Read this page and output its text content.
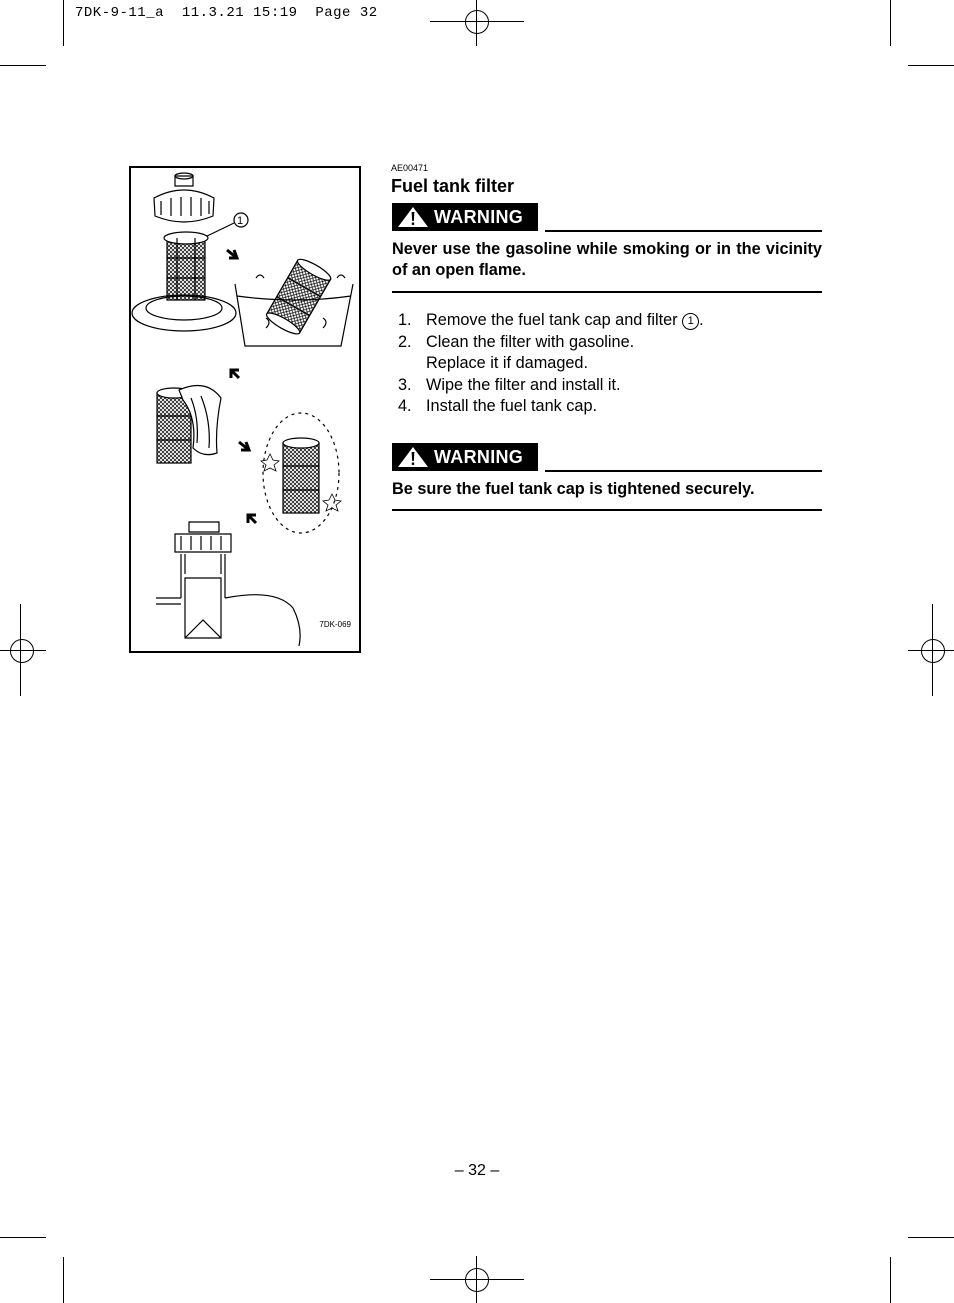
7DK-9-11_a  11.3.21 15:19  Page 32
1
7DK-069
AE00471
Fuel tank filter
WARNING
Never use the gasoline while smoking or in the vicinity of an open flame.
1. Remove the fuel tank cap and filter 1 .
2. Clean the filter with gasoline.
Replace it if damaged.
3. Wipe the filter and install it.
4. Install the fuel tank cap.
WARNING
Be sure the fuel tank cap is tightened securely.
– 32 –
